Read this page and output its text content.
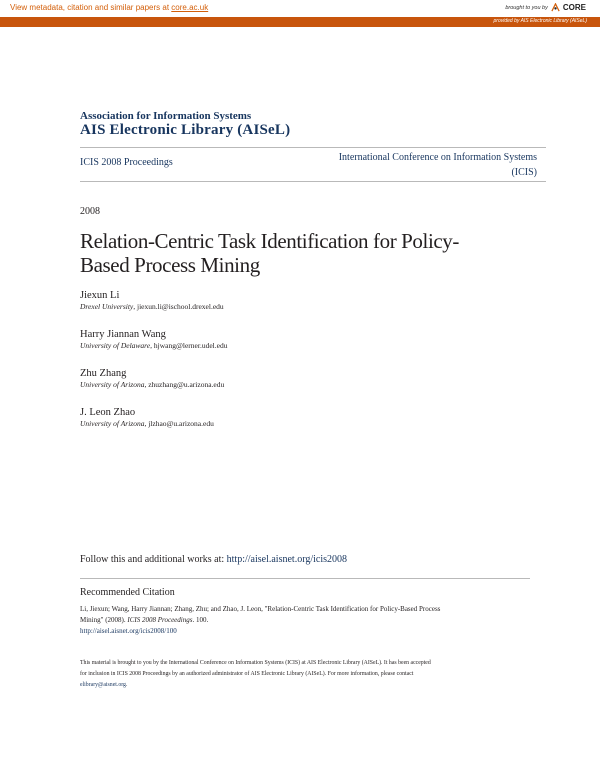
View metadata, citation and similar papers at core.ac.uk	brought to you by CORE
provided by AIS Electronic Library (AISeL)
Association for Information Systems
AIS Electronic Library (AISeL)
ICIS 2008 Proceedings	International Conference on Information Systems
(ICIS)
2008
Relation-Centric Task Identification for Policy-
Based Process Mining
Jiexun Li
Drexel University, jiexun.li@ischool.drexel.edu
Harry Jiannan Wang
University of Delaware, hjwang@lerner.udel.edu
Zhu Zhang
University of Arizona, zhuzhang@u.arizona.edu
J. Leon Zhao
University of Arizona, jlzhao@u.arizona.edu
Follow this and additional works at: http://aisel.aisnet.org/icis2008
Recommended Citation
Li, Jiexun; Wang, Harry Jiannan; Zhang, Zhu; and Zhao, J. Leon, "Relation-Centric Task Identification for Policy-Based Process
Mining" (2008). ICIS 2008 Proceedings. 100.
http://aisel.aisnet.org/icis2008/100
This material is brought to you by the International Conference on Information Systems (ICIS) at AIS Electronic Library (AISeL). It has been accepted
for inclusion in ICIS 2008 Proceedings by an authorized administrator of AIS Electronic Library (AISeL). For more information, please contact
elibrary@aisnet.org.
